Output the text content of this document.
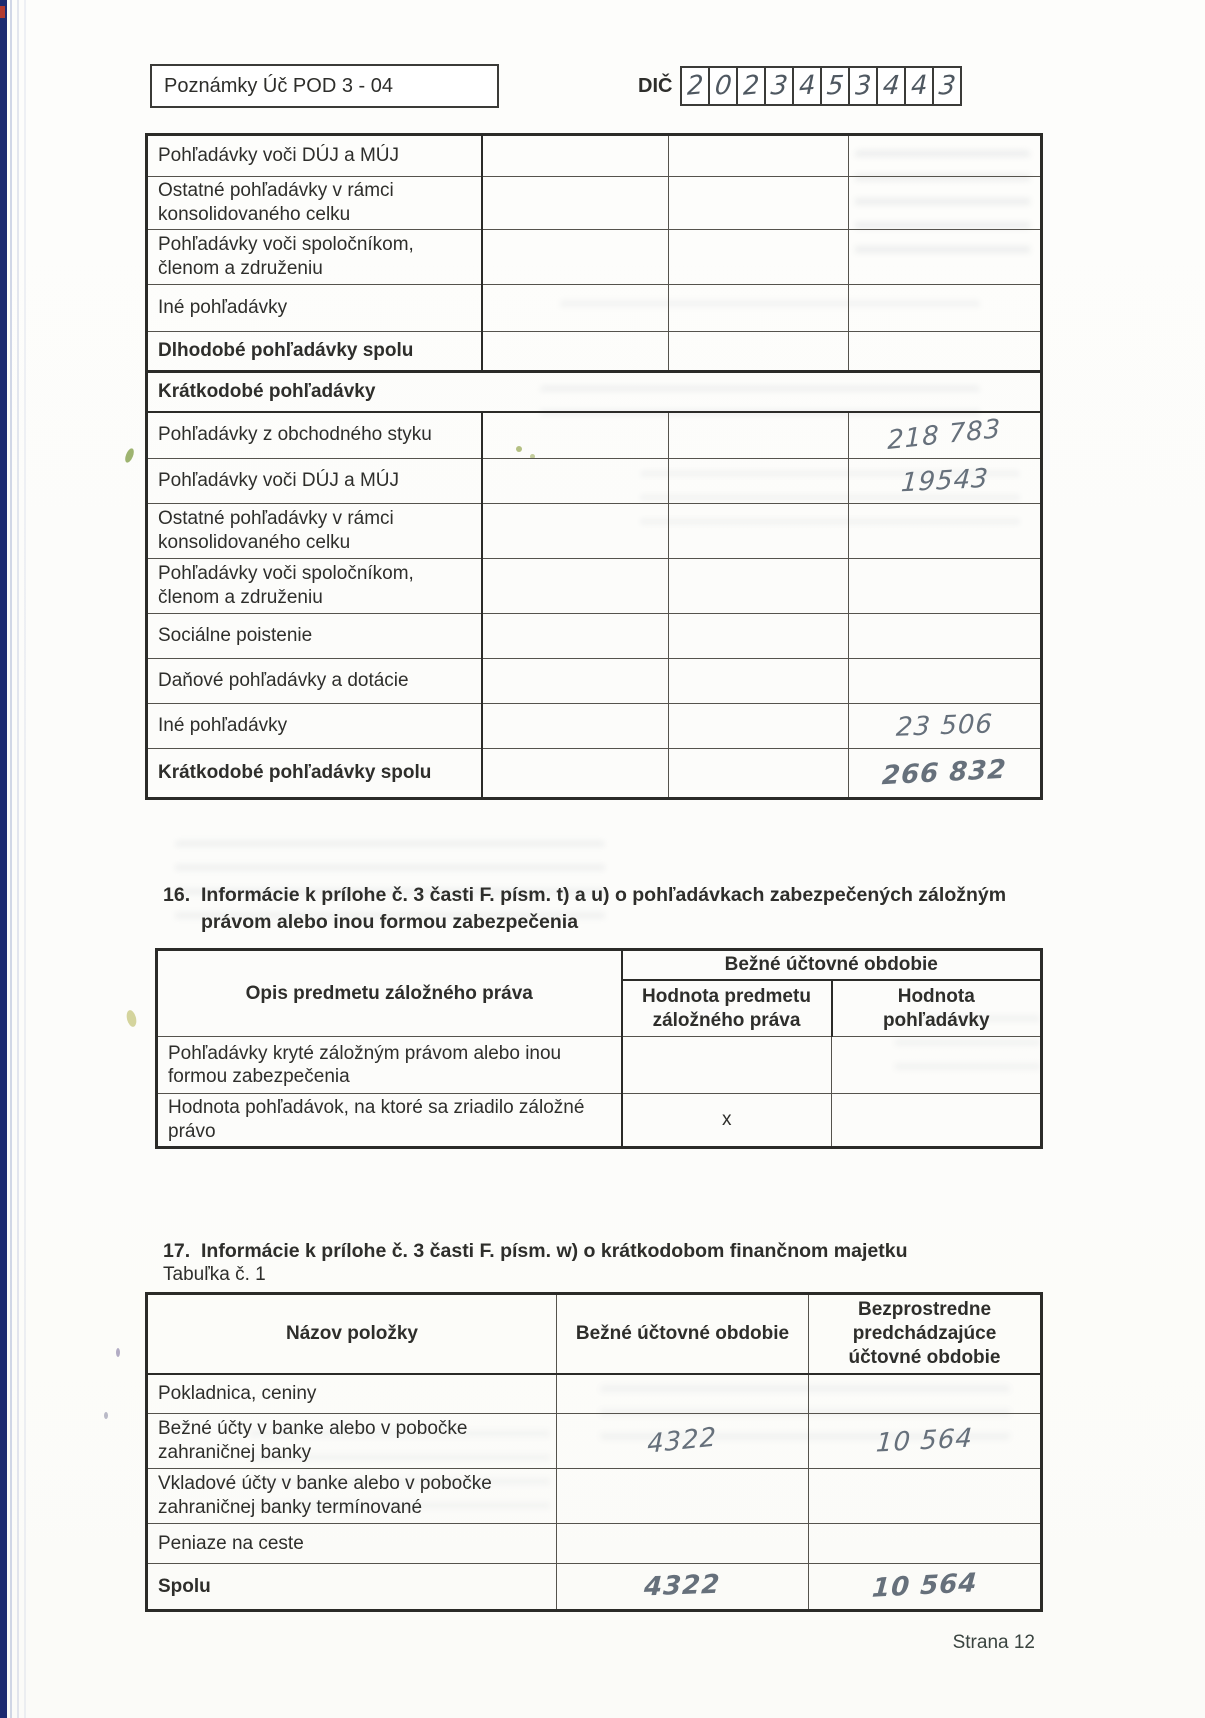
Poznámky Úč POD 3 - 04	DIČ 2 0 2 3 4 5 3 4 4 3
Pohľadávky voči DÚJ a MÚJ			
Ostatné pohľadávky v rámci konsolidovaného celku			
Pohľadávky voči spoločníkom, členom a združeniu			
Iné pohľadávky			
Dlhodobé pohľadávky spolu			
Krátkodobé pohľadávky			
Pohľadávky z obchodného styku			218 783
Pohľadávky voči DÚJ a MÚJ			19543
Ostatné pohľadávky v rámci konsolidovaného celku			
Pohľadávky voči spoločníkom, členom a združeniu			
Sociálne poistenie			
Daňové pohľadávky a dotácie			
Iné pohľadávky			23 506
Krátkodobé pohľadávky spolu			266 832
16. Informácie k prílohe č. 3 časti F. písm. t) a u) o pohľadávkach zabezpečených záložným právom alebo inou formou zabezpečenia
Opis predmetu záložného práva	Bežné účtovné obdobie	
	Hodnota predmetu záložného práva	Hodnota pohľadávky
Pohľadávky kryté záložným právom alebo inou formou zabezpečenia		
Hodnota pohľadávok, na ktoré sa zriadilo záložné právo	x	
17. Informácie k prílohe č. 3 časti F. písm. w) o krátkodobom finančnom majetku
Tabuľka č. 1
Názov položky	Bežné účtovné obdobie	Bezprostredne predchádzajúce účtovné obdobie
Pokladnica, ceniny		
Bežné účty v banke alebo v pobočke zahraničnej banky	4322	10 564
Vkladové účty v banke alebo v pobočke zahraničnej banky termínované		
Peniaze na ceste		
Spolu	4322	10 564
Strana 12
